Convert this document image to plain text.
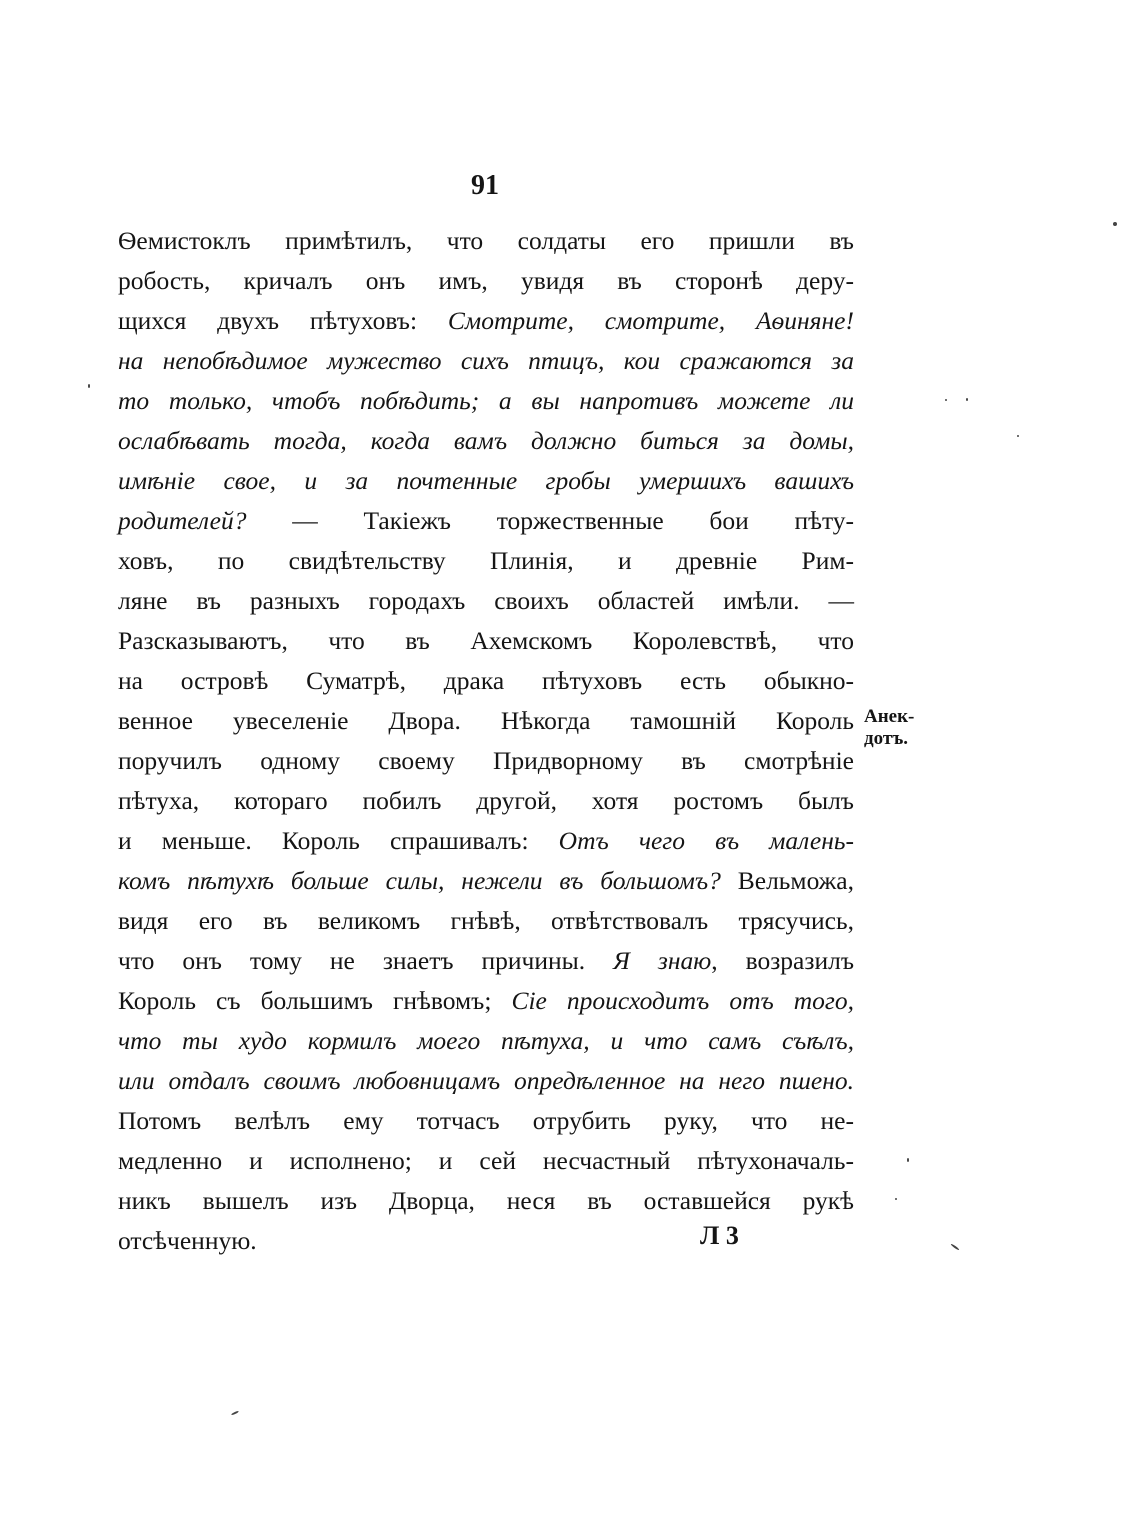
91
Ѳемистоклъ примѣтилъ, что солдаты его пришли въ
робость, кричалъ онъ имъ, увидя въ сторонѣ деру-
щихся двухъ пѣтуховъ: Смотрите, смотрите, Аѳиняне!
на непобѣдимое мужество сихъ птицъ, кои сражаются за
то только, чтобъ побѣдить; а вы напротивъ можете ли
ослабѣвать тогда, когда вамъ должно биться за домы,
имѣніе свое, и за почтенные гробы умершихъ вашихъ
родителей? — Такіежъ торжественные бои пѣту-
ховъ, по свидѣтельству Плинія, и древніе Рим-
ляне въ разныхъ городахъ своихъ областей имѣли. —
Разсказываютъ, что въ Ахемскомъ Королевствѣ, что
на островѣ Суматрѣ, драка пѣтуховъ есть обыкно-
венное увеселеніе Двора. Нѣкогда тамошній Король
поручилъ одному своему Придворному въ смотрѣніе
пѣтуха, котораго побилъ другой, хотя ростомъ былъ
и меньше. Король спрашивалъ: Отъ чего въ малень-
комъ пѣтухѣ больше силы, нежели въ большомъ? Вельможа,
видя его въ великомъ гнѣвѣ, отвѣтствовалъ трясучись,
что онъ тому не знаетъ причины. Я знаю, возразилъ
Король съ большимъ гнѣвомъ; Сіе происходитъ отъ того,
что ты худо кормилъ моего пѣтуха, и что самъ съѣлъ,
или отдалъ своимъ любовницамъ опредѣленное на него пшено.
Потомъ велѣлъ ему тотчасъ отрубить руку, что не-
медленно и исполнено; и сей несчастный пѣтухоначаль-
никъ вышелъ изъ Дворца, неся въ оставшейся рукѣ
отсѣченную.
Анек-
дотъ.
Л 3
